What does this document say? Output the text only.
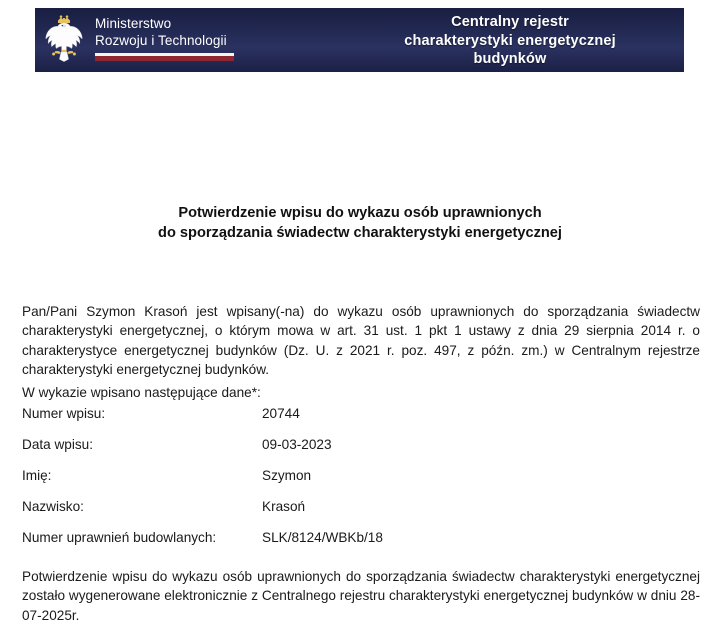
Ministerstwo
Rozwoju i Technologii
Centralny rejestr
charakterystyki energetycznej
budynków
Potwierdzenie wpisu do wykazu osób uprawnionych
do sporządzania świadectw charakterystyki energetycznej

Pan/Pani Szymon Krasoń jest wpisany(-na) do wykazu osób uprawnionych do sporządzania świadectw charakterystyki energetycznej, o którym mowa w art. 31 ust. 1 pkt 1 ustawy z dnia 29 sierpnia 2014 r. o charakterystyce energetycznej budynków (Dz. U. z 2021 r. poz. 497, z późn. zm.) w Centralnym rejestrze charakterystyki energetycznej budynków.

W wykazie wpisano następujące dane*:

Numer wpisu:	20744
Data wpisu:	09-03-2023
Imię:	Szymon
Nazwisko:	Krasoń
Numer uprawnień budowlanych:	SLK/8124/WBKb/18

Potwierdzenie wpisu do wykazu osób uprawnionych do sporządzania świadectw charakterystyki energetycznej zostało wygenerowane elektronicznie z Centralnego rejestru charakterystyki energetycznej budynków w dniu 28-07-2025r.
